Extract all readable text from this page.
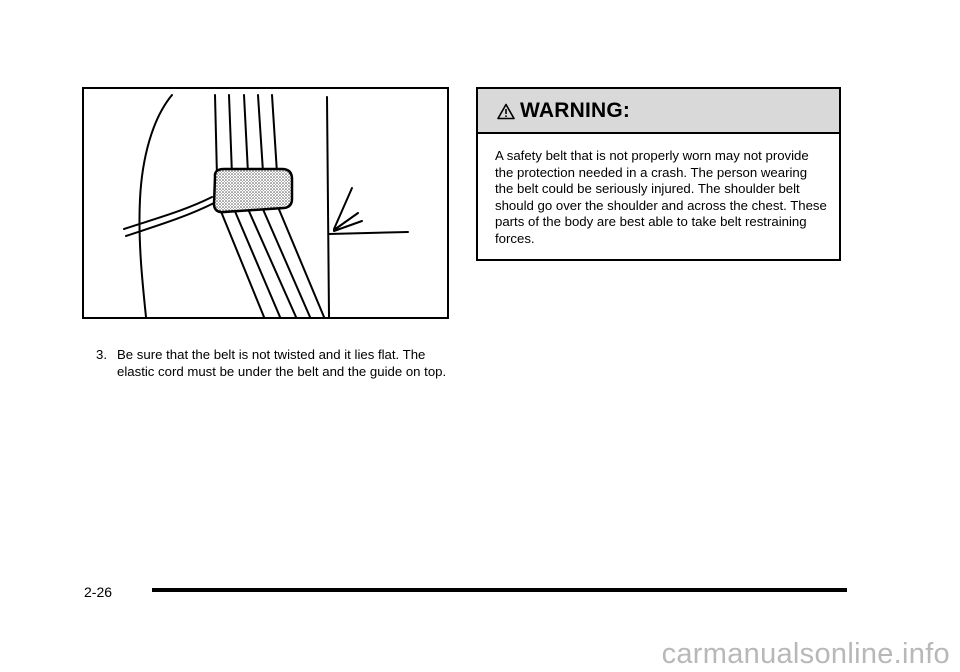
3. Be sure that the belt is not twisted and it lies flat. The elastic cord must be under the belt and the guide on top.
WARNING:
A safety belt that is not properly worn may not provide the protection needed in a crash. The person wearing the belt could be seriously injured. The shoulder belt should go over the shoulder and across the chest. These parts of the body are best able to take belt restraining forces.
2-26
carmanualsonline.info
